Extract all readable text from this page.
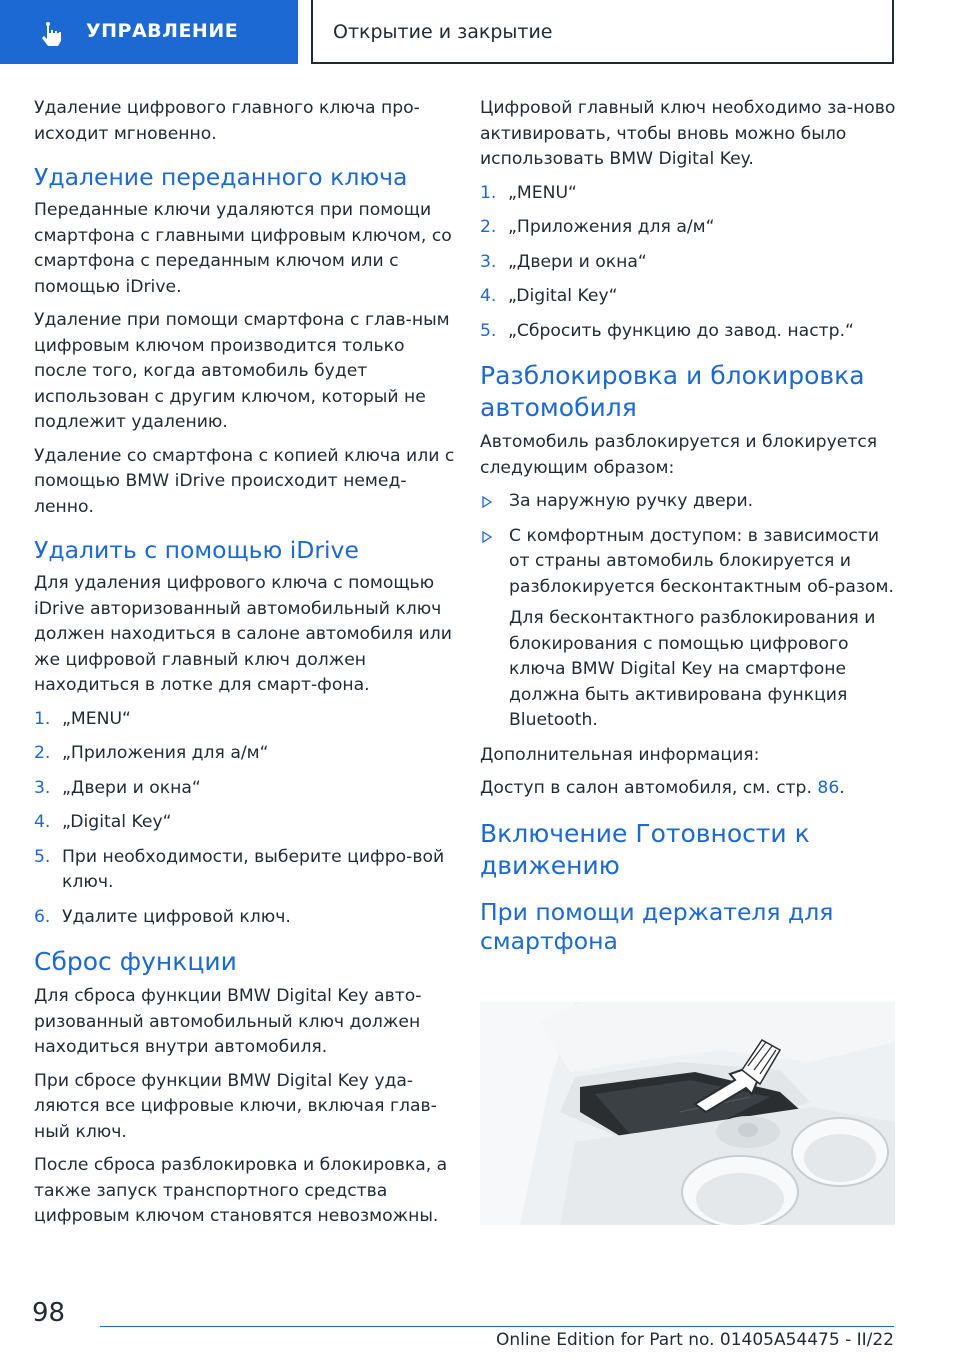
УПРАВЛЕНИЕ	Открытие и закрытие

Удаление цифрового главного ключа про-исходит мгновенно.

Удаление переданного ключа

Переданные ключи удаляются при помощи смартфона с главными цифровым ключом, со смартфона с переданным ключом или с помощью iDrive.

Удаление при помощи смартфона с глав-ным цифровым ключом производится только после того, когда автомобиль будет использован с другим ключом, который не подлежит удалению.

Удаление со смартфона с копией ключа или с помощью BMW iDrive происходит немед-ленно.

Удалить с помощью iDrive

Для удаления цифрового ключа с помощью iDrive авторизованный автомобильный ключ должен находиться в салоне автомобиля или же цифровой главный ключ должен находиться в лотке для смарт-фона.

1. „MENU“
2. „Приложения для а/м“
3. „Двери и окна“
4. „Digital Key“
5. При необходимости, выберите цифро-вой ключ.
6. Удалите цифровой ключ.
Сброс функции

Для сброса функции BMW Digital Key авто-ризованный автомобильный ключ должен находиться внутри автомобиля.

При сбросе функции BMW Digital Key уда-ляются все цифровые ключи, включая глав-ный ключ.

После сброса разблокировка и блокировка, а также запуск транспортного средства цифровым ключом становятся невозможны.

Цифровой главный ключ необходимо за-ново активировать, чтобы вновь можно было использовать BMW Digital Key.

1. „MENU“
2. „Приложения для а/м“
3. „Двери и окна“
4. „Digital Key“
5. „Сбросить функцию до завод. настр.“
Разблокировка и блокировка автомобиля

Автомобиль разблокируется и блокируется следующим образом:

За наружную ручку двери.
С комфортным доступом: в зависимости от страны автомобиль блокируется и разблокируется бесконтактным об-разом.
Для бесконтактного разблокирования и блокирования с помощью цифрового ключа BMW Digital Key на смартфоне должна быть активирована функция Bluetooth.

Дополнительная информация:

Доступ в салон автомобиля, см. стр. 86.

Включение Готовности к движению
При помощи держателя для смартфона
98
Online Edition for Part no. 01405A54475 - II/22
